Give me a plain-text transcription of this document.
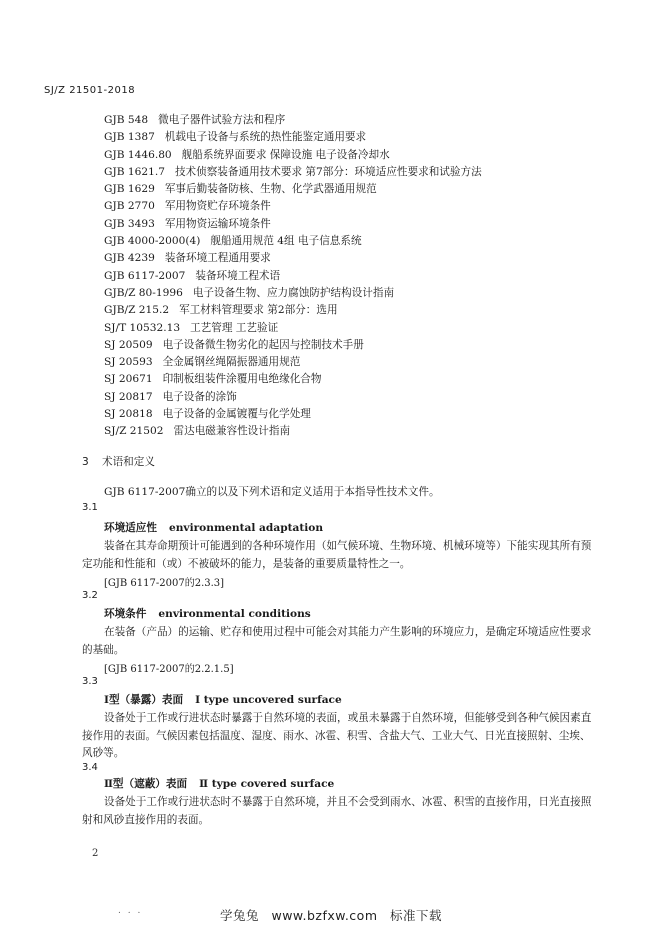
SJ/Z 21501-2018
GJB 548 微电子器件试验方法和程序
GJB 1387 机载电子设备与系统的热性能鉴定通用要求
GJB 1446.80 舰船系统界面要求 保障设施 电子设备冷却水
GJB 1621.7 技术侦察装备通用技术要求 第7部分：环境适应性要求和试验方法
GJB 1629 军事后勤装备防核、生物、化学武器通用规范
GJB 2770 军用物资贮存环境条件
GJB 3493 军用物资运输环境条件
GJB 4000-2000(4) 舰船通用规范 4组 电子信息系统
GJB 4239 装备环境工程通用要求
GJB 6117-2007 装备环境工程术语
GJB/Z 80-1996 电子设备生物、应力腐蚀防护结构设计指南
GJB/Z 215.2 军工材料管理要求 第2部分：选用
SJ/T 10532.13 工艺管理 工艺验证
SJ 20509 电子设备微生物劣化的起因与控制技术手册
SJ 20593 全金属钢丝绳隔振器通用规范
SJ 20671 印制板组装件涂覆用电绝缘化合物
SJ 20817 电子设备的涂饰
SJ 20818 电子设备的金属镀覆与化学处理
SJ/Z 21502 雷达电磁兼容性设计指南
3 术语和定义
GJB 6117-2007确立的以及下列术语和定义适用于本指导性技术文件。
3.1
环境适应性 environmental adaptation
装备在其寿命期预计可能遇到的各种环境作用（如气候环境、生物环境、机械环境等）下能实现其所有预定功能和性能和（或）不被破坏的能力，是装备的重要质量特性之一。
[GJB 6117-2007的2.3.3]
3.2
环境条件 environmental conditions
在装备（产品）的运输、贮存和使用过程中可能会对其能力产生影响的环境应力，是确定环境适应性要求的基础。
[GJB 6117-2007的2.2.1.5]
3.3
Ⅰ型（暴露）表面 Ⅰ type uncovered surface
设备处于工作或行进状态时暴露于自然环境的表面，或虽未暴露于自然环境，但能够受到各种气候因素直接作用的表面。气候因素包括温度、湿度、雨水、冰雹、积雪、含盐大气、工业大气、日光直接照射、尘埃、风砂等。
3.4
Ⅱ型（遮蔽）表面 Ⅱ type covered surface
设备处于工作或行进状态时不暴露于自然环境，并且不会受到雨水、冰雹、积雪的直接作用，日光直接照射和风砂直接作用的表面。
2
. . .	学兔兔 www.bzfxw.com 标准下载
